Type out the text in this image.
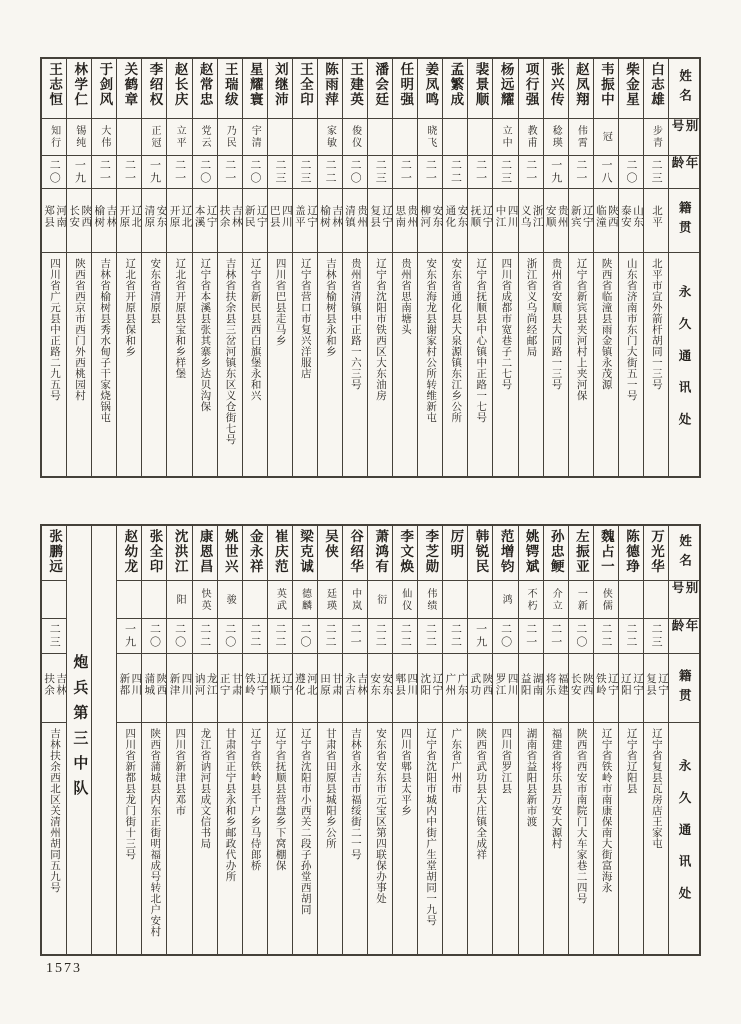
姓名
别号
年龄
籍贯
永久通讯处
白志雄
步青
二三
北平
北平市宣外箭杆胡同一三号
柴金星
二〇
山东泰安
山东省济南市东门大街五一号
韦振中
冠
一八
陕西临潼
陕西省临潼县雨金镇永茂源
赵凤翔
伟霄
二一
辽宁新宾
辽宁省新宾县夹河村上夹河保
张兴传
稔瑛
一九
贵州安顺
贵州省安顺县大同路一三号
项行强
教甫
二一
浙江义乌
浙江省义乌尚经邮局
杨远耀
立中
二三
四川中江
四川省成都市宽巷子二七号
裴景顺
二一
辽宁抚顺
辽宁省抚顺县中心镇中正路一七号
孟繁成
二二
安东通化
安东省通化县大泉源镇东江乡公所
姜凤鸣
晓飞
二一
安东柳河
安东省海龙县谢家村公所转维新屯
任明强
二一
贵州思南
贵州省思南塘头
潘会廷
二三
辽宁复县
辽宁省沈阳市铁西区大东油房
王建英
俊仪
二〇
贵州清镇
贵州省清镇中正路一六三号
陈雨萍
家敏
二二
吉林榆树
吉林省榆树县永和乡
王全印
二三
辽宁盖平
辽宁省营口市复兴洋服店
刘继沛
二三
四川巴县
四川省巴县走马乡
星耀寰
宇清
二〇
辽宁新民
辽宁省新民县西白旗堡永和兴
王瑞绂
乃民
二一
吉林扶余
吉林省扶余县三岔河镇东区义仓街七号
赵常忠
党云
二〇
辽宁本溪
辽宁省本溪县张其寨乡达贝沟保
赵长庆
立平
二一
辽北开原
辽北省开原县宝和乡样堡
李绍权
正冠
一九
安东清原
安东省清原县
关鹤章
二一
辽北开原
辽北省开原县保和乡
于剑风
大伟
二一
吉林榆树
吉林省榆树县秀水甸子干家烧锅屯
林学仁
锡纯
一九
陕西长安
陕西省西京市西门外西桃园村
王志恒
知行
二〇
河南郑县
四川省广元县中正路二九五号
姓名
别号
年龄
籍贯
永久通讯处
万光华
二三
辽宁复县
辽宁省复县瓦房店王家屯
陈德琤
二二
辽宁辽阳
辽宁省辽阳县
魏占一
侠儒
二二
辽宁铁岭
辽宁省铁岭市南康保南大街富海永
左振亚
一新
二〇
陕西长安
陕西省西安市南院门大车家巷二四号
孙忠鲠
介立
二一
福建将乐
福建省将乐县万安大源村
姚锷斌
不朽
二一
湖南益阳
湖南省益阳县新市渡
范增钧
鸿
二〇
四川罗江
四川省罗江县
韩锐民
一九
陕西武功
陕西省武功县大庄镇全成祥
厉明
二二
广东广州
广东省广州市
李芝勋
伟绩
二二
辽宁沈阳
辽宁省沈阳市城内中街广生堂胡同一九号
李文焕
仙仪
二二
四川郫县
四川省郫县太平乡
萧鸿有
衍
二二
安东安东
安东省安东市元宝区第四联保办事处
谷绍华
中岚
二一
吉林永吉
吉林省永吉市福绥街二一号
吴侠
廷瑛
二二
甘肃田原
甘肃省田原县城阳乡公所
梁克诚
德麟
二〇
河北遵化
辽宁省沈阳市小西关二段子孙堂西胡同
崔庆范
英武
二二
辽宁抚顺
辽宁省抚顺县营盘乡下窝棚保
金永祥
二二
辽宁铁岭
辽宁省铁岭县千户乡马侍郎桥
姚世兴
骏
二〇
甘肃正宁
甘肃省正宁县永和乡邮政代办所
康恩昌
快英
二二
龙江讷河
龙江省讷河县成文信书局
沈洪江
阳
二〇
四川新津
四川省新津县邓市
张全印
二〇
陕西蒲城
陕西省蒲城县内东正街明福成号转北户安村
赵幼龙
一九
四川新都
四川省新都县龙门街十三号
炮兵第三中队
张鹏远
二三
吉林扶余
吉林扶余西北区关清州胡同五九号
1573
